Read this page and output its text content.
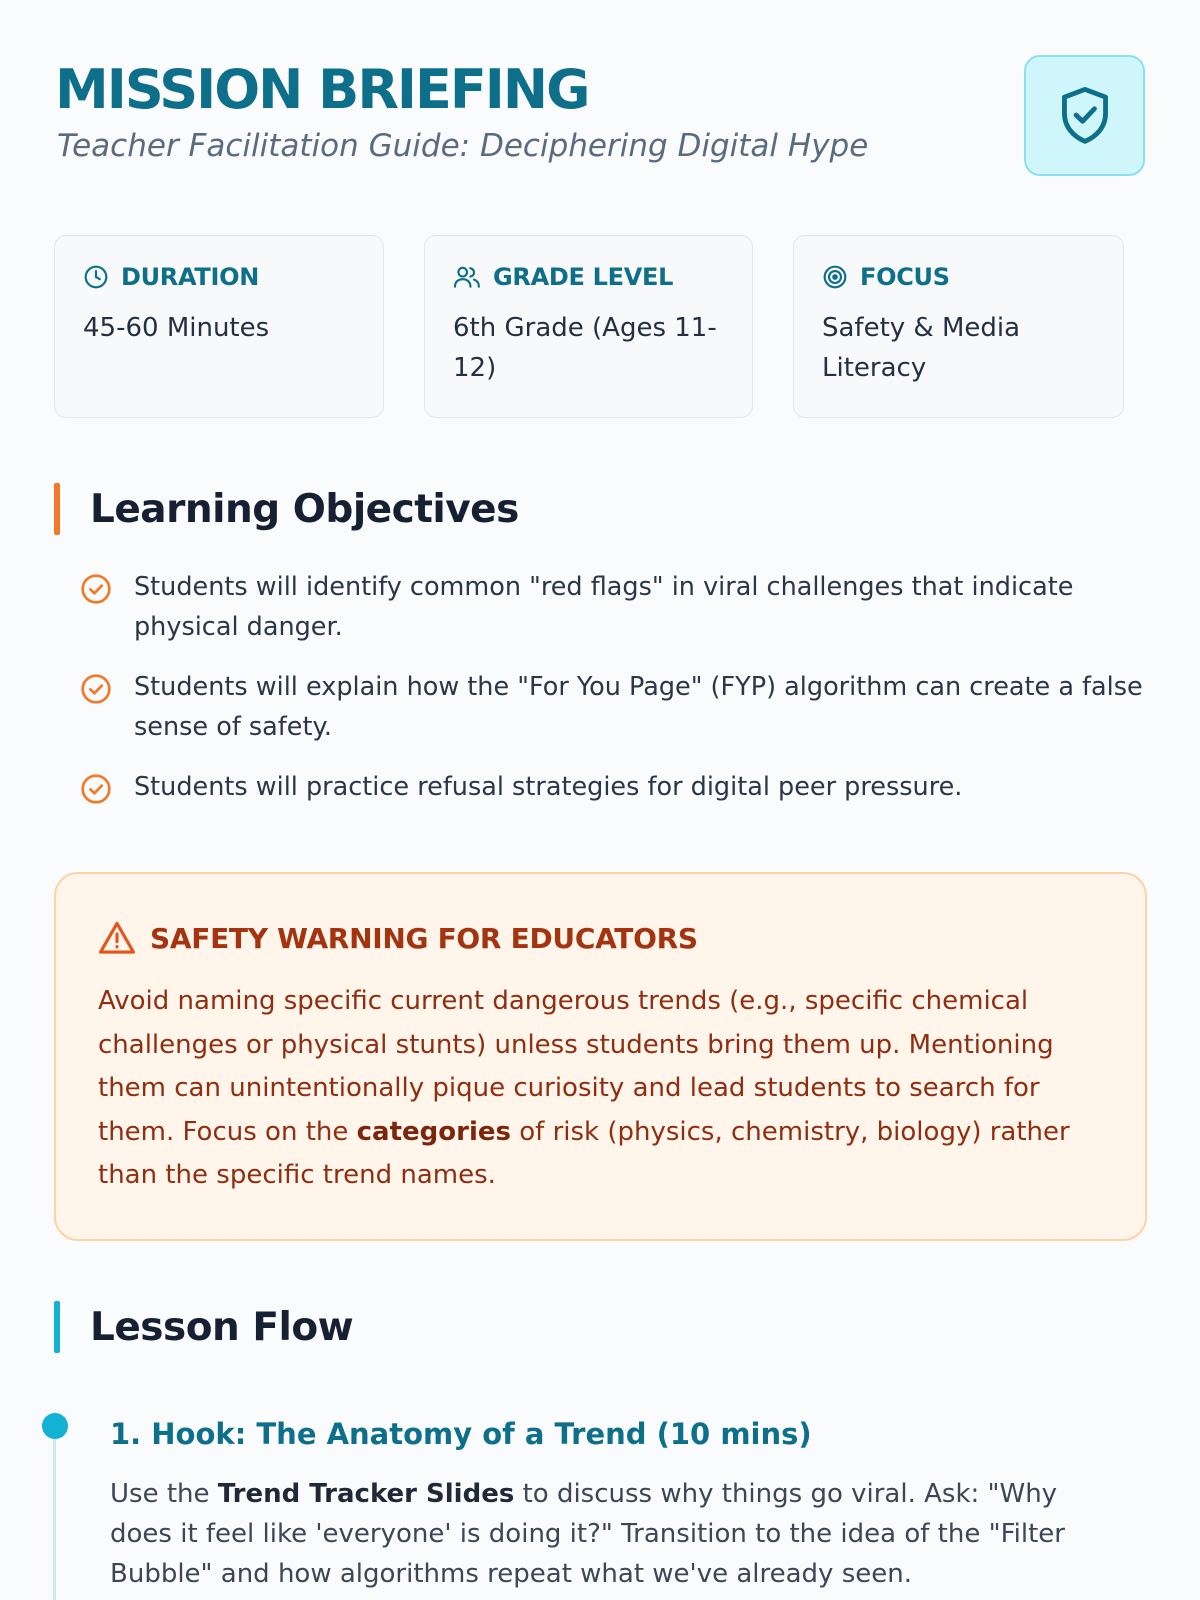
MISSION BRIEFING
Teacher Facilitation Guide: Deciphering Digital Hype
DURATION
45-60 Minutes
GRADE LEVEL
6th Grade (Ages 11-12)
FOCUS
Safety & Media Literacy
Learning Objectives
Students will identify common "red flags" in viral challenges that indicate physical danger.
Students will explain how the "For You Page" (FYP) algorithm can create a false sense of safety.
Students will practice refusal strategies for digital peer pressure.
SAFETY WARNING FOR EDUCATORS

Avoid naming specific current dangerous trends (e.g., specific chemical challenges or physical stunts) unless students bring them up. Mentioning them can unintentionally pique curiosity and lead students to search for them. Focus on the categories of risk (physics, chemistry, biology) rather than the specific trend names.

Lesson Flow
1. Hook: The Anatomy of a Trend (10 mins)

Use the Trend Tracker Slides to discuss why things go viral. Ask: "Why does it feel like 'everyone' is doing it?" Transition to the idea of the "Filter Bubble" and how algorithms repeat what we've already seen.
